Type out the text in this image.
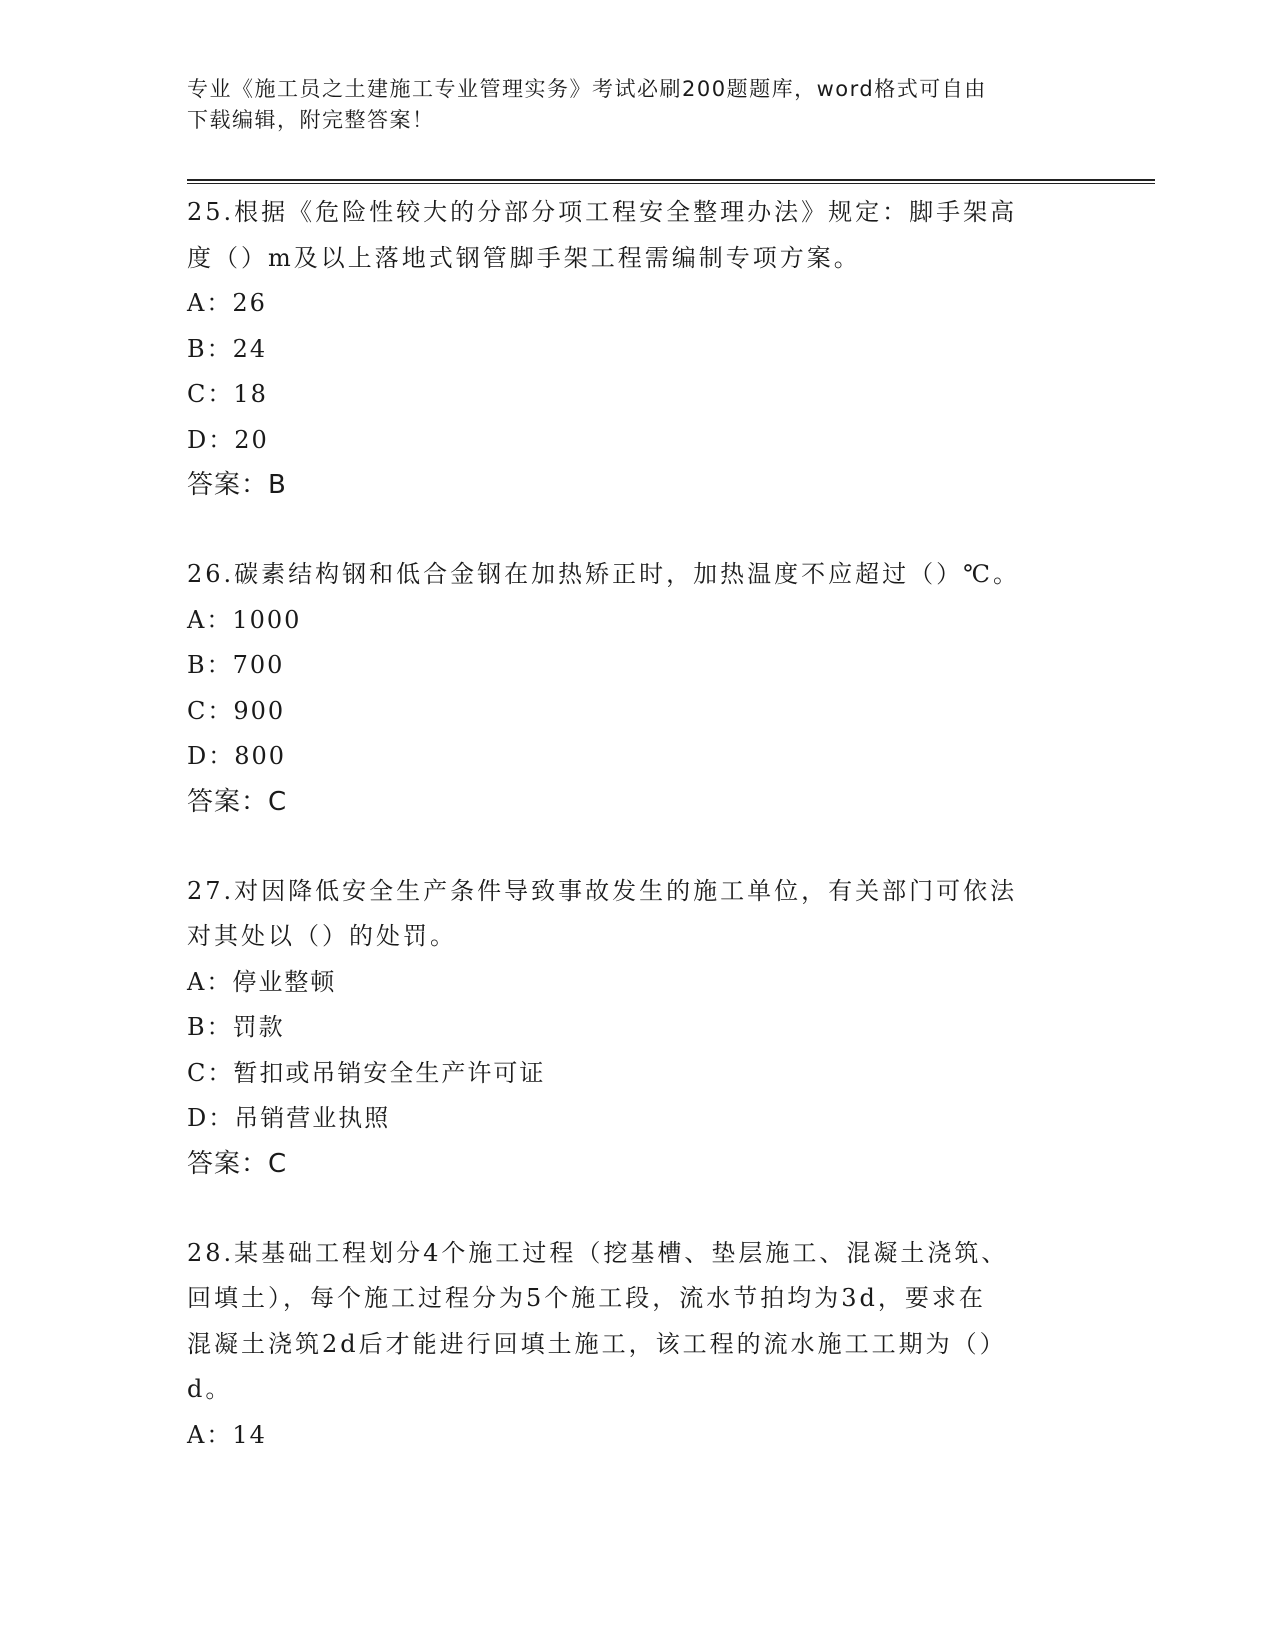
专业《施工员之土建施工专业管理实务》考试必刷200题题库，word格式可自由
下载编辑，附完整答案！
25.根据《危险性较大的分部分项工程安全整理办法》规定：脚手架高
度（）m及以上落地式钢管脚手架工程需编制专项方案。
A：26
B：24
C：18
D：20
答案：B
26.碳素结构钢和低合金钢在加热矫正时，加热温度不应超过（）℃。
A：1000
B：700
C：900
D：800
答案：C
27.对因降低安全生产条件导致事故发生的施工单位，有关部门可依法
对其处以（）的处罚。
A：停业整顿
B：罚款
C：暂扣或吊销安全生产许可证
D：吊销营业执照
答案：C
28.某基础工程划分4个施工过程（挖基槽、垫层施工、混凝土浇筑、
回填土），每个施工过程分为5个施工段，流水节拍均为3d，要求在
混凝土浇筑2d后才能进行回填土施工，该工程的流水施工工期为（）
d。
A：14
